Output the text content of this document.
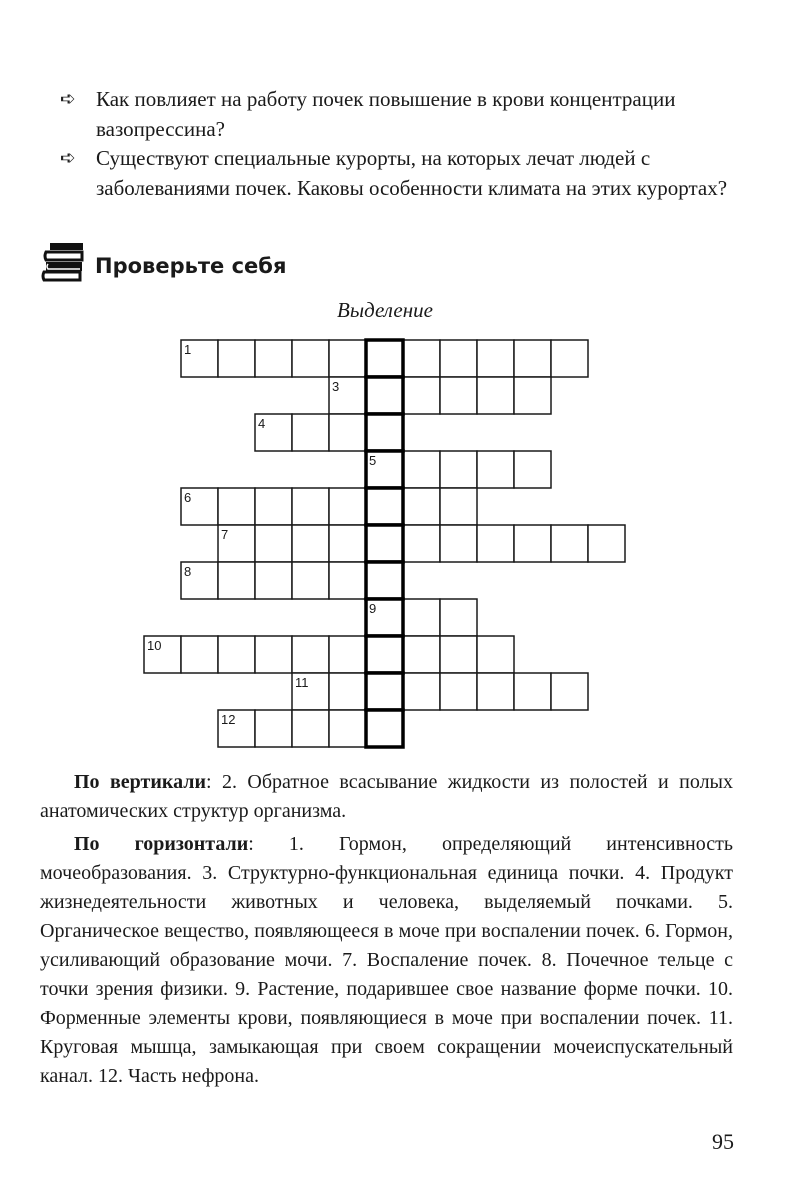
➪ Как повлияет на работу почек повышение в крови концентрации вазопрессина?
➪ Существуют специальные курорты, на которых лечат людей с заболеваниями почек. Каковы особенности климата на этих курортах?
Проверьте себя
Выделение
1
3
4
5
6
7
8
9
10
11
12

По вертикали: 2. Обратное всасывание жидкости из полостей и полых анатомических структур организма.

По горизонтали: 1. Гормон, определяющий интенсивность мочеобразования. 3. Структурно-функциональная единица почки. 4. Продукт жизнедеятельности животных и человека, выделяемый почками. 5. Органическое вещество, появляющееся в моче при воспалении почек. 6. Гормон, усиливающий образование мочи. 7. Воспаление почек. 8. Почечное тельце с точки зрения физики. 9. Растение, подарившее свое название форме почки. 10. Форменные элементы крови, появляющиеся в моче при воспалении почек. 11. Круговая мышца, замыкающая при своем сокращении мочеиспускательный канал. 12. Часть нефрона.

95
